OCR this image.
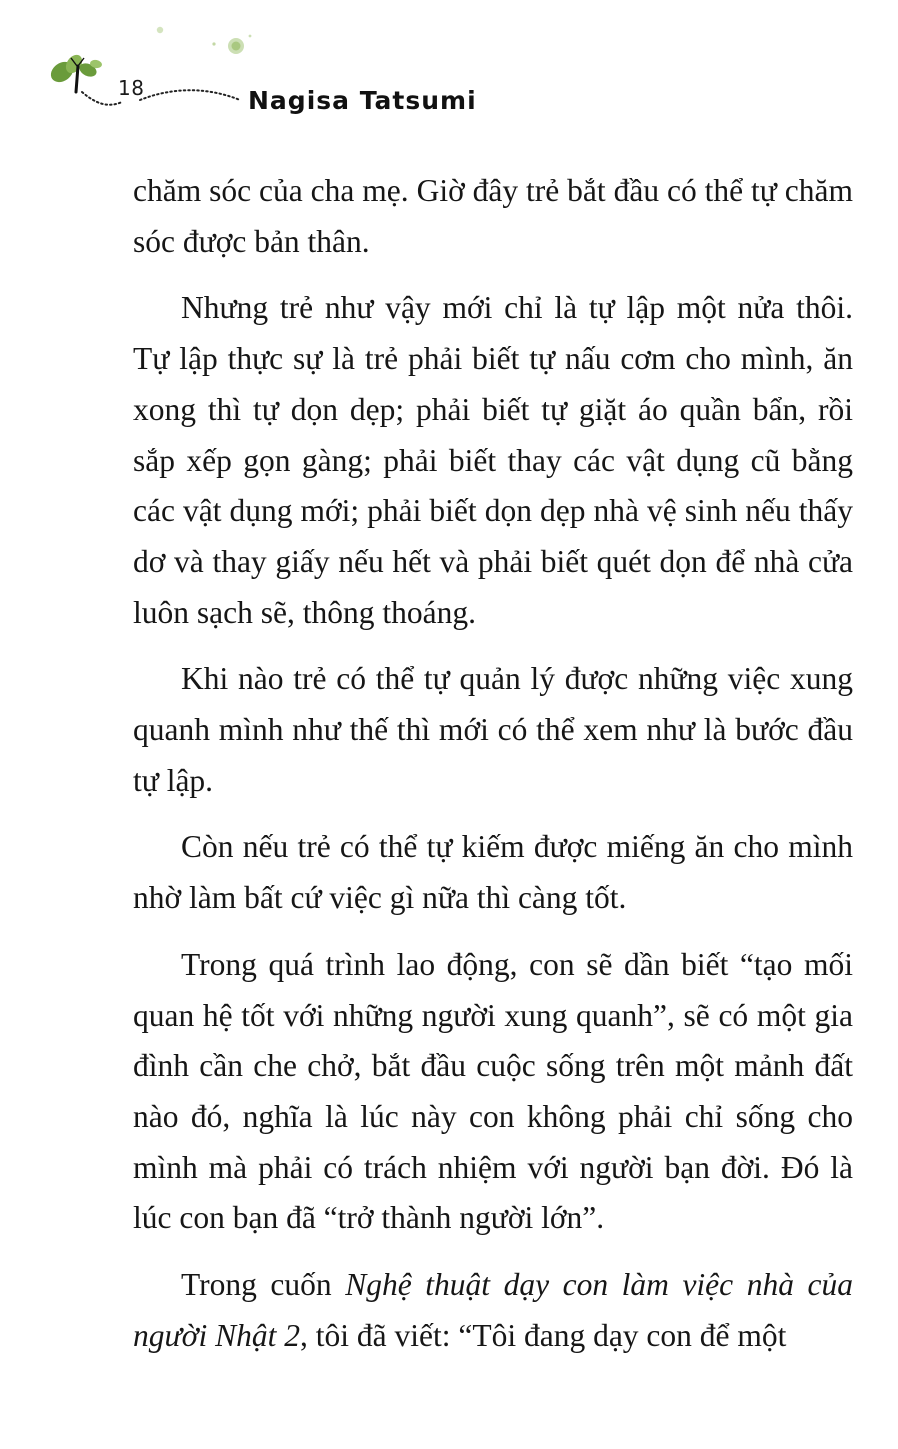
18	Nagisa Tatsumi

chăm sóc của cha mẹ. Giờ đây trẻ bắt đầu có thể tự chăm sóc được bản thân.

Nhưng trẻ như vậy mới chỉ là tự lập một nửa thôi. Tự lập thực sự là trẻ phải biết tự nấu cơm cho mình, ăn xong thì tự dọn dẹp; phải biết tự giặt áo quần bẩn, rồi sắp xếp gọn gàng; phải biết thay các vật dụng cũ bằng các vật dụng mới; phải biết dọn dẹp nhà vệ sinh nếu thấy dơ và thay giấy nếu hết và phải biết quét dọn để nhà cửa luôn sạch sẽ, thông thoáng.

Khi nào trẻ có thể tự quản lý được những việc xung quanh mình như thế thì mới có thể xem như là bước đầu tự lập.

Còn nếu trẻ có thể tự kiếm được miếng ăn cho mình nhờ làm bất cứ việc gì nữa thì càng tốt.

Trong quá trình lao động, con sẽ dần biết “tạo mối quan hệ tốt với những người xung quanh”, sẽ có một gia đình cần che chở, bắt đầu cuộc sống trên một mảnh đất nào đó, nghĩa là lúc này con không phải chỉ sống cho mình mà phải có trách nhiệm với người bạn đời. Đó là lúc con bạn đã “trở thành người lớn”.

Trong cuốn Nghệ thuật dạy con làm việc nhà của người Nhật 2, tôi đã viết: “Tôi đang dạy con để một
